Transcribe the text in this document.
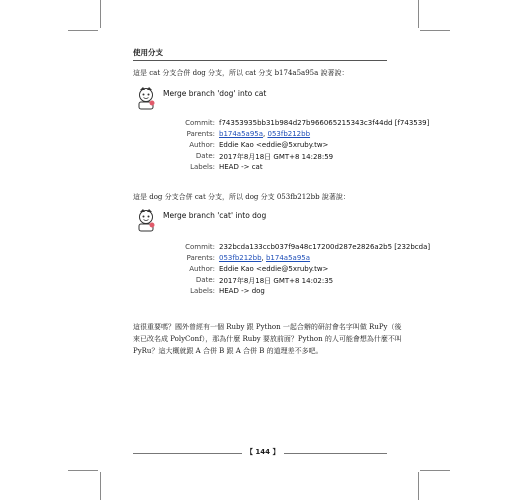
使用分支
這是 cat 分支合併 dog 分支，所以 cat 分支 b174a5a95a 說著說：
Merge branch 'dog' into cat
Commit: f74353935bb31b984d27b966065215343c3f44dd [f743539]
Parents: b174a5a95a, 053fb212bb
Author: Eddie Kao <eddie@5xruby.tw>
Date: 2017年8月18日 GMT+8 14:28:59
Labels: HEAD -> cat
這是 dog 分支合併 cat 分支，所以 dog 分支 053fb212bb 說著說：
Merge branch 'cat' into dog
Commit: 232bcda133ccb037f9a48c17200d287e2826a2b5 [232bcda]
Parents: 053fb212bb, b174a5a95a
Author: Eddie Kao <eddie@5xruby.tw>
Date: 2017年8月18日 GMT+8 14:02:35
Labels: HEAD -> dog
這很重要嗎？國外曾經有一個 Ruby 跟 Python 一起合辦的研討會名字叫做 RuPy（後
來已改名成 PolyConf），那為什麼 Ruby 要放前面？Python 的人可能會想為什麼不叫
PyRu？這大概就跟 A 合併 B 跟 A 合併 B 的道理差不多吧。
【 144 】
